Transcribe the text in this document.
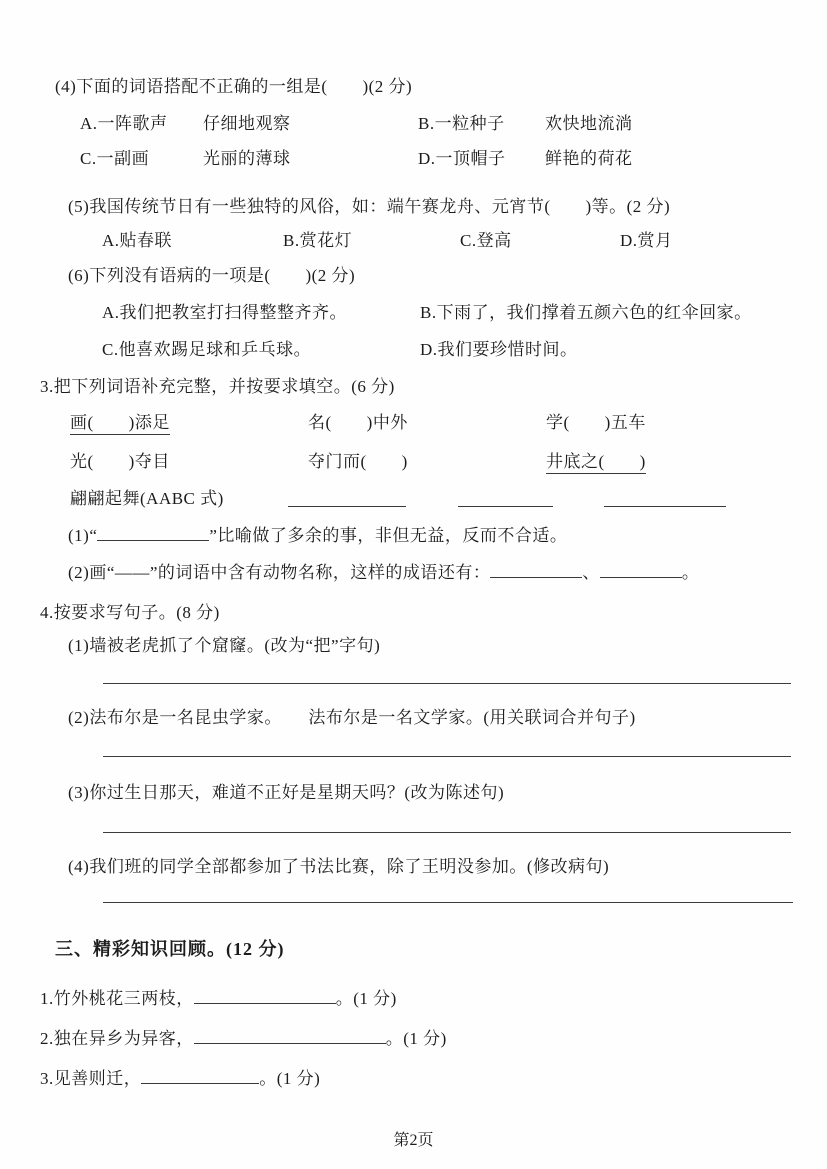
(4)下面的词语搭配不正确的一组是(　　)(2 分)
A.一阵歌声 仔细地观察	B.一粒种子 欢快地流淌
C.一副画	光丽的薄球	D.一顶帽子 鲜艳的荷花
(5)我国传统节日有一些独特的风俗，如：端午赛龙舟、元宵节(　　)等。(2 分)
A.贴春联	B.赏花灯	C.登高	D.赏月
(6)下列没有语病的一项是(　　)(2 分)
A.我们把教室打扫得整整齐齐。	B.下雨了，我们撑着五颜六色的红伞回家。
C.他喜欢踢足球和乒乓球。	D.我们要珍惜时间。
3.把下列词语补充完整，并按要求填空。(6 分)
画(　　)添足	名(　　)中外	学(　　)五车
光(　　)夺目	夺门而(　　)	井底之(　　)
翩翩起舞(AABC 式)
(1)“	”比喻做了多余的事，非但无益，反而不合适。
(2)画“——”的词语中含有动物名称，这样的成语还有：	、	。
4.按要求写句子。(8 分)
(1)墙被老虎抓了个窟窿。(改为“把”字句)
(2)法布尔是一名昆虫学家。　　法布尔是一名文学家。(用关联词合并句子)
(3)你过生日那天，难道不正好是星期天吗？(改为陈述句)
(4)我们班的同学全部都参加了书法比赛，除了王明没参加。(修改病句)
三、精彩知识回顾。(12 分)
1.竹外桃花三两枝，	。(1 分)
2.独在异乡为异客，	。(1 分)
3.见善则迁，	。(1 分)
第2页
